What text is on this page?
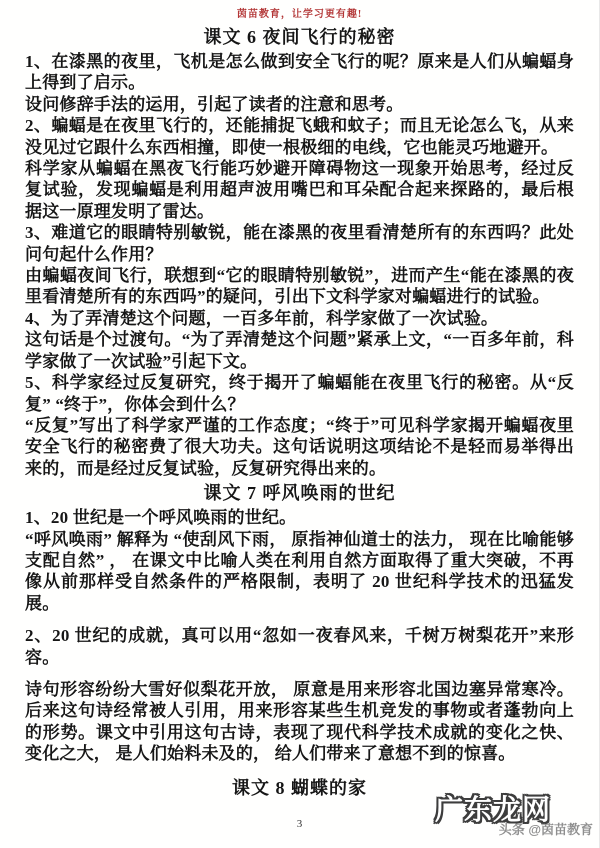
茵苗教育，让学习更有趣!
课文 6 夜间飞行的秘密
1、在漆黑的夜里，飞机是怎么做到安全飞行的呢？原来是人们从蝙蝠身上得到了启示。
设问修辞手法的运用，引起了读者的注意和思考。
2、蝙蝠是在夜里飞行的，还能捕捉飞蛾和蚊子；而且无论怎么飞，从来没见过它跟什么东西相撞，即使一根极细的电线，它也能灵巧地避开。
科学家从蝙蝠在黑夜飞行能巧妙避开障碍物这一现象开始思考，经过反复试验，发现蝙蝠是利用超声波用嘴巴和耳朵配合起来探路的，最后根据这一原理发明了雷达。
3、难道它的眼睛特别敏锐，能在漆黑的夜里看清楚所有的东西吗？此处问句起什么作用？
由蝙蝠夜间飞行，联想到“它的眼睛特别敏锐”，进而产生“能在漆黑的夜里看清楚所有的东西吗”的疑问，引出下文科学家对蝙蝠进行的试验。
4、为了弄清楚这个问题，一百多年前，科学家做了一次试验。
这句话是个过渡句。“为了弄清楚这个问题”紧承上文，“一百多年前，科学家做了一次试验”引起下文。
5、科学家经过反复研究，终于揭开了蝙蝠能在夜里飞行的秘密。从“反复” “终于”，你体会到什么？
“反复”写出了科学家严谨的工作态度；“终于”可见科学家揭开蝙蝠夜里安全飞行的秘密费了很大功夫。这句话说明这项结论不是轻而易举得出来的，而是经过反复试验，反复研究得出来的。
课文 7 呼风唤雨的世纪
1、20 世纪是一个呼风唤雨的世纪。
“呼风唤雨” 解释为 “使刮风下雨， 原指神仙道士的法力， 现在比喻能够支配自然” ， 在课文中比喻人类在利用自然方面取得了重大突破，不再像从前那样受自然条件的严格限制，表明了 20 世纪科学技术的迅猛发展。
2、20 世纪的成就，真可以用“忽如一夜春风来，千树万树梨花开”来形容。
诗句形容纷纷大雪好似梨花开放， 原意是用来形容北国边塞异常寒冷。后来这句诗经常被人引用，用来形容某些生机竞发的事物或者蓬勃向上的形势。课文中引用这句古诗，表现了现代科学技术成就的变化之快、变化之大， 是人们始料未及的， 给人们带来了意想不到的惊喜。
课文 8 蝴蝶的家
3	头条 @茵苗教育
广东龙网
